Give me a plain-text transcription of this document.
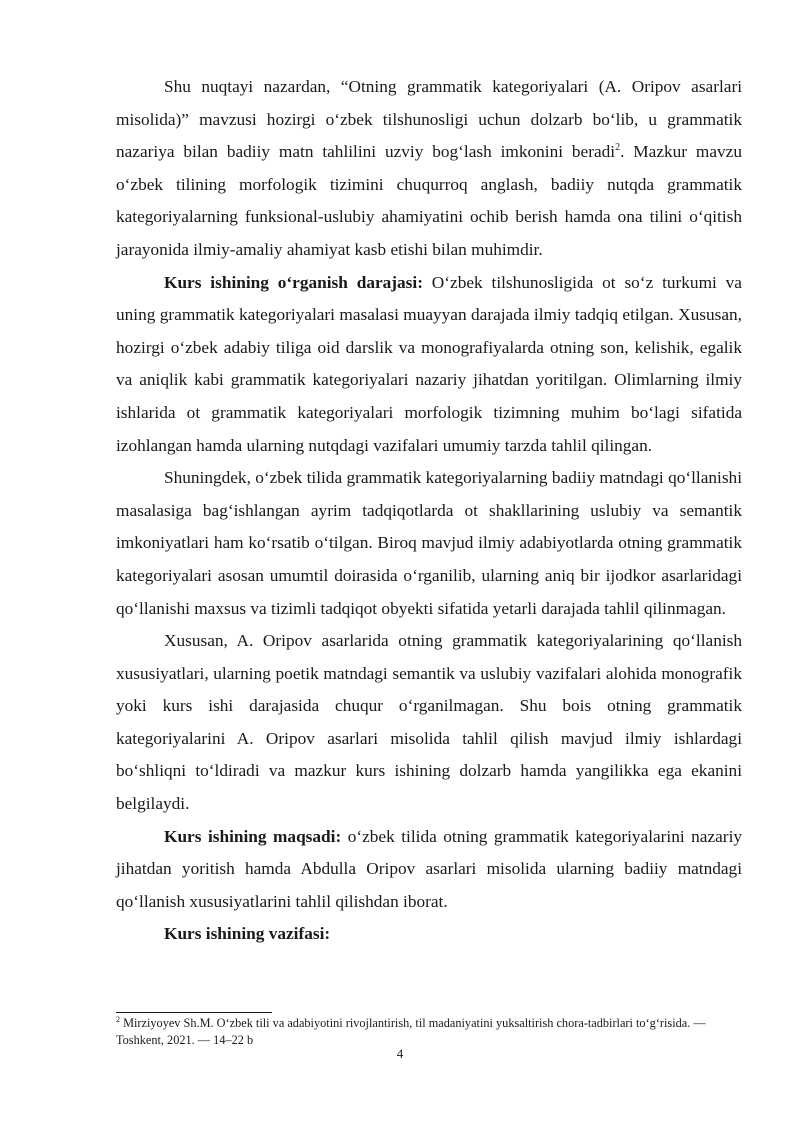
Shu nuqtayi nazardan, “Otning grammatik kategoriyalari (A. Oripov asarlari misolida)” mavzusi hozirgi o‘zbek tilshunosligi uchun dolzarb bo‘lib, u grammatik nazariya bilan badiiy matn tahlilini uzviy bog‘lash imkonini beradi$^2$. Mazkur mavzu o‘zbek tilining morfologik tizimini chuqurroq anglash, badiiy nutqda grammatik kategoriyalarning funksional-uslubiy ahamiyatini ochib berish hamda ona tilini o‘qitish jarayonida ilmiy-amaliy ahamiyat kasb etishi bilan muhimdir.

Kurs ishining o‘rganish darajasi: O‘zbek tilshunosligida ot so‘z turkumi va uning grammatik kategoriyalari masalasi muayyan darajada ilmiy tadqiq etilgan. Xususan, hozirgi o‘zbek adabiy tiliga oid darslik va monografiyalarda otning son, kelishik, egalik va aniqlik kabi grammatik kategoriyalari nazariy jihatdan yoritilgan. Olimlarning ilmiy ishlarida ot grammatik kategoriyalari morfologik tizimning muhim bo‘lagi sifatida izohlangan hamda ularning nutqdagi vazifalari umumiy tarzda tahlil qilingan.

Shuningdek, o‘zbek tilida grammatik kategoriyalarning badiiy matndagi qo‘llanishi masalasiga bag‘ishlangan ayrim tadqiqotlarda ot shakllarining uslubiy va semantik imkoniyatlari ham ko‘rsatib o‘tilgan. Biroq mavjud ilmiy adabiyotlarda otning grammatik kategoriyalari asosan umumtil doirasida o‘rganilib, ularning aniq bir ijodkor asarlaridagi qo‘llanishi maxsus va tizimli tadqiqot obyekti sifatida yetarli darajada tahlil qilinmagan.

Xususan, A. Oripov asarlarida otning grammatik kategoriyalarining qo‘llanish xususiyatlari, ularning poetik matndagi semantik va uslubiy vazifalari alohida monografik yoki kurs ishi darajasida chuqur o‘rganilmagan. Shu bois otning grammatik kategoriyalarini A. Oripov asarlari misolida tahlil qilish mavjud ilmiy ishlardagi bo‘shliqni to‘ldiradi va mazkur kurs ishining dolzarb hamda yangilikka ega ekanini belgilaydi.

Kurs ishining maqsadi: o‘zbek tilida otning grammatik kategoriyalarini nazariy jihatdan yoritish hamda Abdulla Oripov asarlari misolida ularning badiiy matndagi qo‘llanish xususiyatlarini tahlil qilishdan iborat.

Kurs ishining vazifasi:

$^2$ Mirziyoyev Sh.M. O‘zbek tili va adabiyotini rivojlantirish, til madaniyatini yuksaltirish chora-tadbirlari to‘g‘risida. — Toshkent, 2021. — 14–22 b
4
